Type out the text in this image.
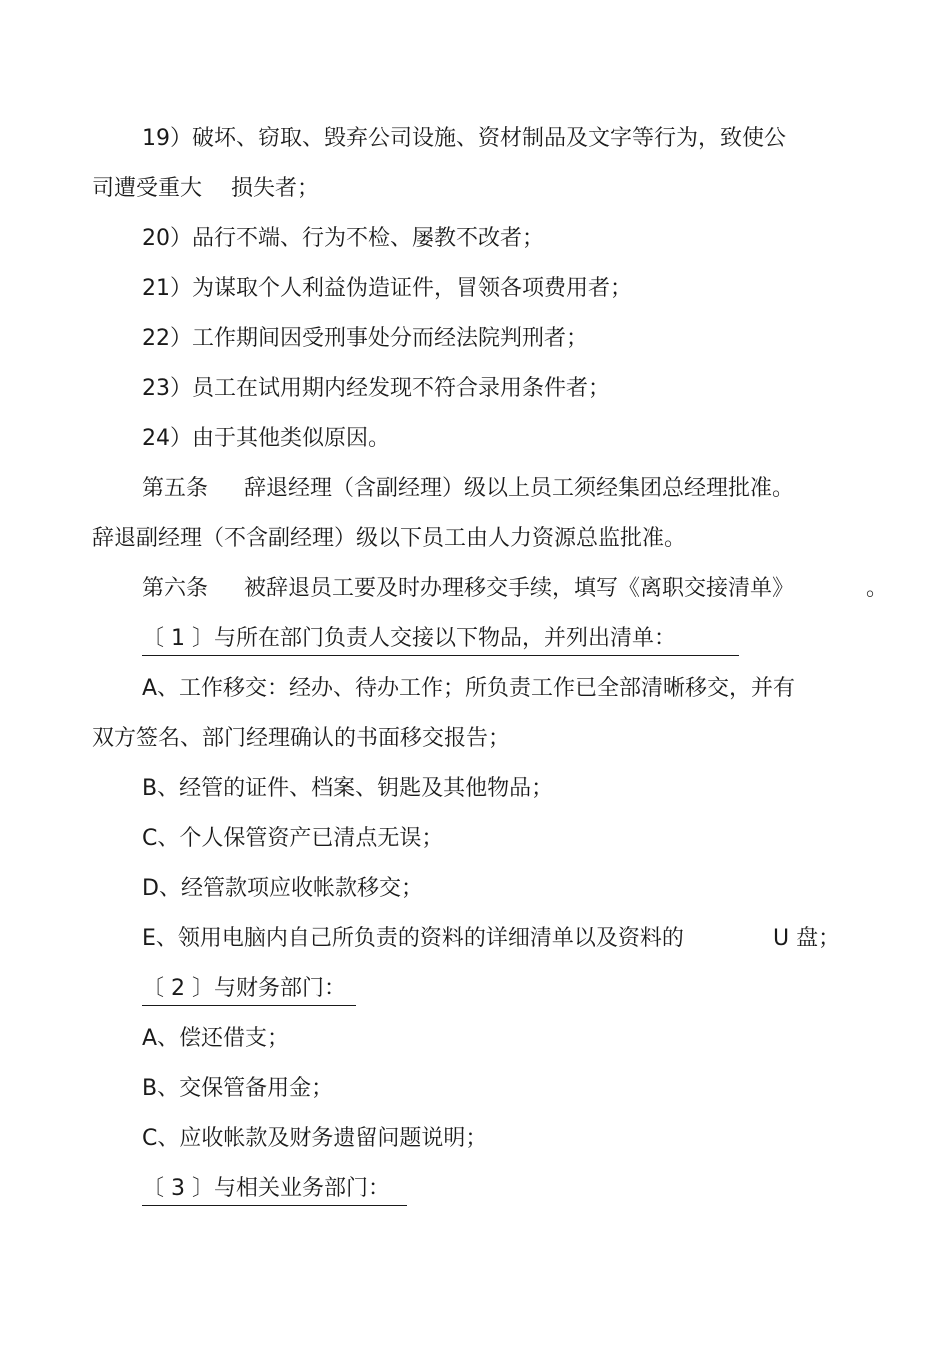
19）破坏、窃取、毁弃公司设施、资材制品及文字等行为，致使公
司遭受重大 损失者；
20）品行不端、行为不检、屡教不改者；
21）为谋取个人利益伪造证件，冒领各项费用者；
22）工作期间因受刑事处分而经法院判刑者；
23）员工在试用期内经发现不符合录用条件者；
24）由于其他类似原因。
第五条 辞退经理（含副经理）级以上员工须经集团总经理批准。
辞退副经理（不含副经理）级以下员工由人力资源总监批准。
第六条 被辞退员工要及时办理移交手续，填写《离职交接清单》	。
〔 1 〕与所在部门负责人交接以下物品，并列出清单：
A、工作移交：经办、待办工作；所负责工作已全部清晰移交，并有
双方签名、部门经理确认的书面移交报告；
B、经管的证件、档案、钥匙及其他物品；
C、个人保管资产已清点无误；
D、经管款项应收帐款移交；
E、领用电脑内自己所负责的资料的详细清单以及资料的	U 盘；
〔 2 〕与财务部门：
A、偿还借支；
B、交保管备用金；
C、应收帐款及财务遗留问题说明；
〔 3 〕与相关业务部门：
